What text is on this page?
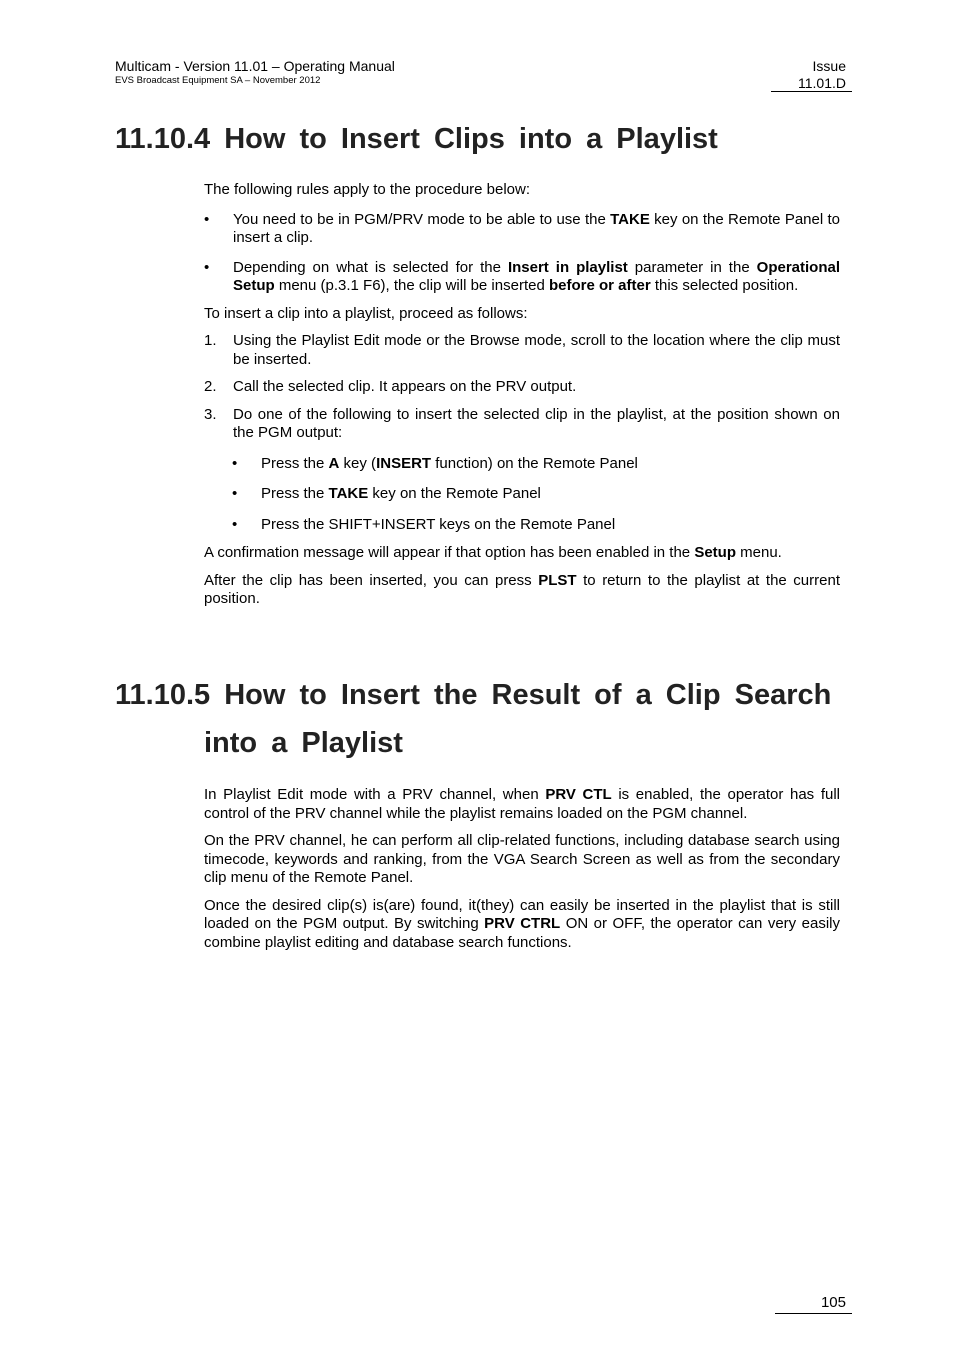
Multicam - Version 11.01 – Operating Manual
EVS Broadcast Equipment SA – November 2012
Issue
11.01.D
11.10.4 How to Insert Clips into a Playlist

The following rules apply to the procedure below:

• You need to be in PGM/PRV mode to be able to use the TAKE key on the Remote Panel to insert a clip.
• Depending on what is selected for the Insert in playlist parameter in the Operational Setup menu (p.3.1 F6), the clip will be inserted before or after this selected position.

To insert a clip into a playlist, proceed as follows:

1. Using the Playlist Edit mode or the Browse mode, scroll to the location where the clip must be inserted.
2. Call the selected clip. It appears on the PRV output.
3. Do one of the following to insert the selected clip in the playlist, at the position shown on the PGM output:
• Press the A key (INSERT function) on the Remote Panel
• Press the TAKE key on the Remote Panel
• Press the SHIFT+INSERT keys on the Remote Panel

A confirmation message will appear if that option has been enabled in the Setup menu.

After the clip has been inserted, you can press PLST to return to the playlist at the current position.

11.10.5 How to Insert the Result of a Clip Search
into a Playlist

In Playlist Edit mode with a PRV channel, when PRV CTL is enabled, the operator has full control of the PRV channel while the playlist remains loaded on the PGM channel.

On the PRV channel, he can perform all clip-related functions, including database search using timecode, keywords and ranking, from the VGA Search Screen as well as from the secondary clip menu of the Remote Panel.

Once the desired clip(s) is(are) found, it(they) can easily be inserted in the playlist that is still loaded on the PGM output. By switching PRV CTRL ON or OFF, the operator can very easily combine playlist editing and database search functions.

105
